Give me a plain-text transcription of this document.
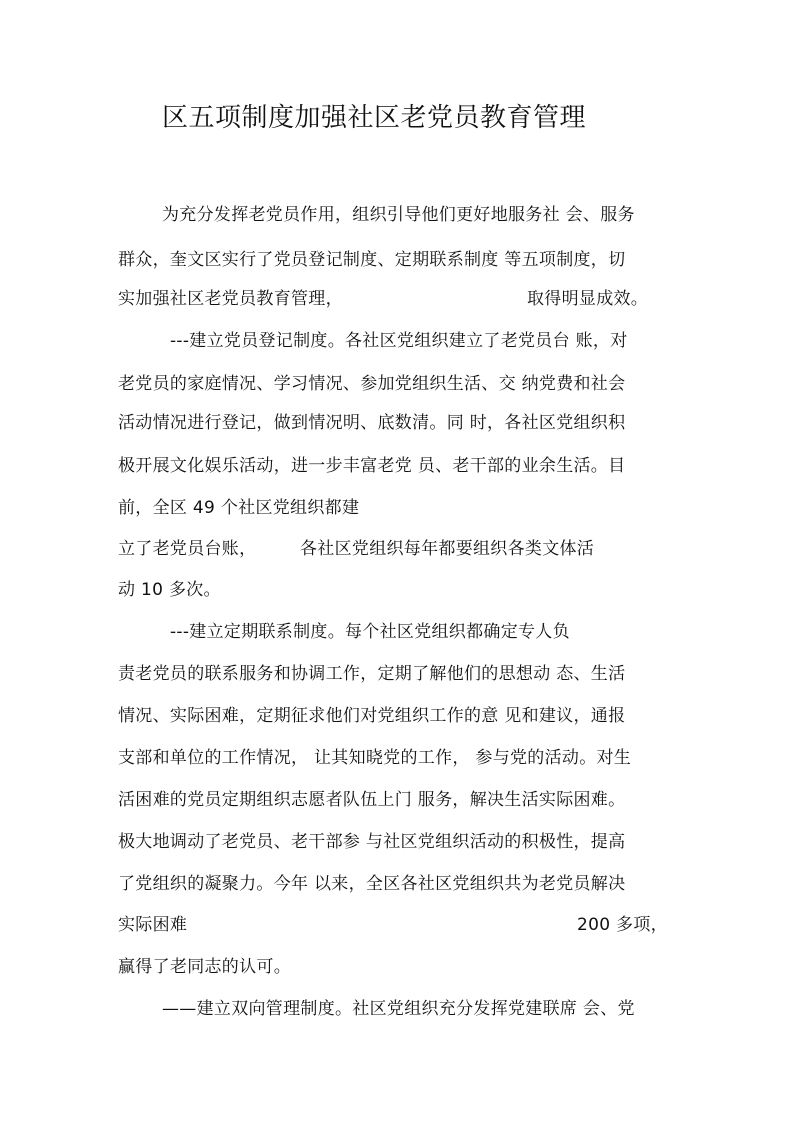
区五项制度加强社区老党员教育管理
为充分发挥老党员作用，组织引导他们更好地服务社 会、服务
群众，奎文区实行了党员登记制度、定期联系制度 等五项制度，切
实加强社区老党员教育管理，	取得明显成效。
---建立党员登记制度。各社区党组织建立了老党员台 账，对
老党员的家庭情况、学习情况、参加党组织生活、交 纳党费和社会
活动情况进行登记，做到情况明、底数清。同 时，各社区党组织积
极开展文化娱乐活动，进一步丰富老党 员、老干部的业余生活。目
前，全区 49 个社区党组织都建
立了老党员台账，	各社区党组织每年都要组织各类文体活
动 10 多次。
---建立定期联系制度。每个社区党组织都确定专人负
责老党员的联系服务和协调工作，定期了解他们的思想动 态、生活
情况、实际困难，定期征求他们对党组织工作的意 见和建议，通报
支部和单位的工作情况， 让其知晓党的工作， 参与党的活动。对生
活困难的党员定期组织志愿者队伍上门 服务，解决生活实际困难。
极大地调动了老党员、老干部参 与社区党组织活动的积极性，提高
了党组织的凝聚力。今年 以来，全区各社区党组织共为老党员解决
实际困难	200 多项，
赢得了老同志的认可。
——建立双向管理制度。社区党组织充分发挥党建联席 会、党
